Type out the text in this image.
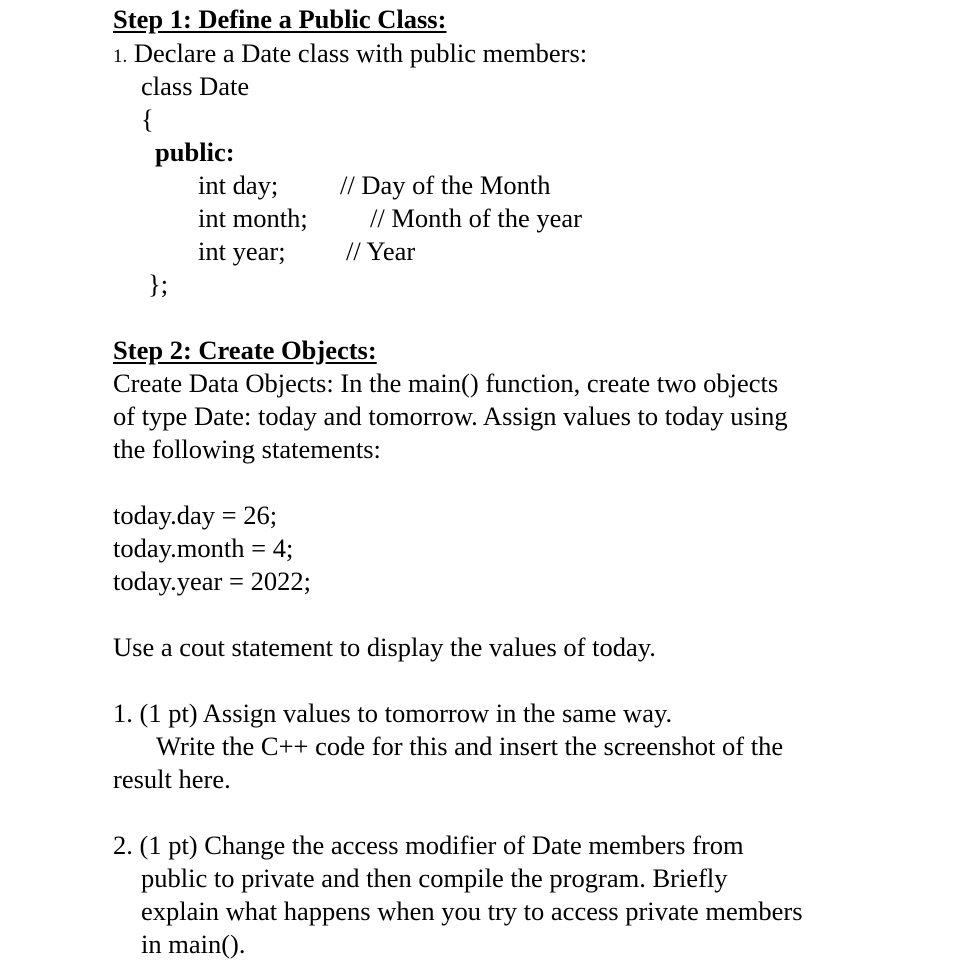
Step 1: Define a Public Class:
1. Declare a Date class with public members:
class Date
{
public:
int day; // Day of the Month
int month; // Month of the year
int year; // Year
};
Step 2: Create Objects:
Create Data Objects: In the main() function, create two objects
of type Date: today and tomorrow. Assign values to today using
the following statements:
today.day = 26;
today.month = 4;
today.year = 2022;
Use a cout statement to display the values of today.
1. (1 pt) Assign values to tomorrow in the same way.
Write the C++ code for this and insert the screenshot of the
result here.
2. (1 pt) Change the access modifier of Date members from
public to private and then compile the program. Briefly
explain what happens when you try to access private members
in main().
